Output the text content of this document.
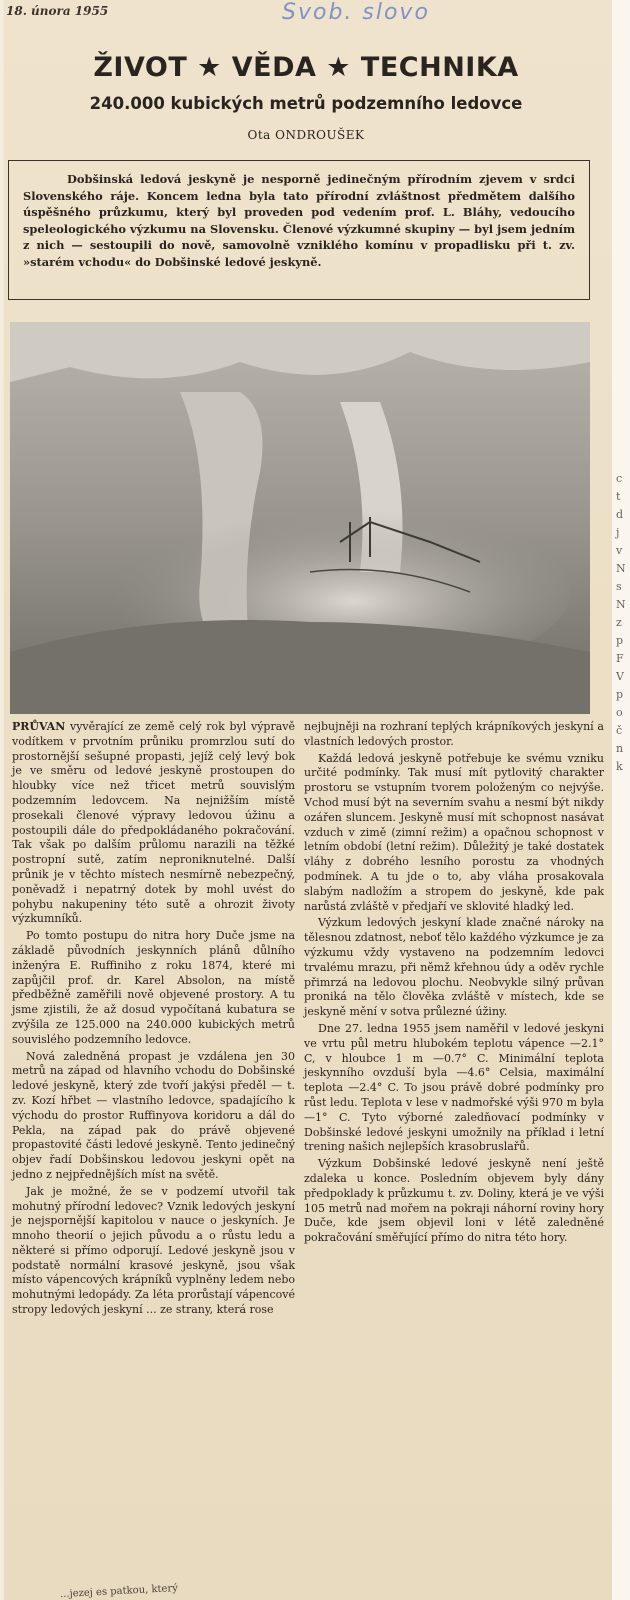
c
t
d
j
v
N
s
N
z
p
F
V
p
o
č
n
k
18. února 1955	Svob. slovo
ŽIVOT ★ VĚDA ★ TECHNIKA
240.000 kubických metrů podzemního ledovce
Ota ONDROUŠEK
Dobšinská ledová jeskyně je nesporně jedinečným přírodním zjevem v srdci Slovenského ráje. Koncem ledna byla tato přírodní zvláštnost předmětem dalšího úspěšného průzkumu, který byl proveden pod vedením prof. L. Bláhy, vedoucího speleologického výzkumu na Slovensku. Členové výzkumné skupiny — byl jsem jedním z nich — sestoupili do nově, samovolně vzniklého komínu v propadlisku při t. zv. »starém vchodu« do Dobšinské ledové jeskyně.

PRŮVAN vyvěrající ze země celý rok byl výpravě vodítkem v prvotním průniku promrzlou sutí do prostornější sešupné propasti, jejíž celý levý bok je ve směru od ledové jeskyně prostoupen do hloubky více než třicet metrů souvislým podzemním ledovcem. Na nejnižším místě prosekali členové výpravy ledovou úžinu a postoupili dále do předpokládaného pokračování. Tak však po dalším průlomu narazili na těžké postropní sutě, zatím neproniknutelné. Další průnik je v těchto místech nesmírně nebezpečný, poněvadž i nepatrný dotek by mohl uvést do pohybu nakupeniny této sutě a ohrozit životy výzkumníků.

Po tomto postupu do nitra hory Duče jsme na základě původních jeskynních plánů důlního inženýra E. Ruffiniho z roku 1874, které mi zapůjčil prof. dr. Karel Absolon, na místě předběžně zaměřili nově objevené prostory. A tu jsme zjistili, že až dosud vypočítaná kubatura se zvýšila ze 125.000 na 240.000 kubických metrů souvislého podzemního ledovce.

Nová zaledněná propast je vzdálena jen 30 metrů na západ od hlavního vchodu do Dobšinské ledové jeskyně, který zde tvoří jakýsi předěl — t. zv. Kozí hřbet — vlastního ledovce, spadajícího k východu do prostor Ruffinyova koridoru a dál do Pekla, na západ pak do právě objevené propastovité části ledové jeskyně. Tento jedinečný objev řadí Dobšinskou ledovou jeskyni opět na jedno z nejpřednějších míst na světě.

Jak je možné, že se v podzemí utvořil tak mohutný přírodní ledovec? Vznik ledových jeskyní je nejspornější kapitolou v nauce o jeskyních. Je mnoho theorií o jejich původu a o růstu ledu a některé si přímo odporují. Ledové jeskyně jsou v podstatě normální krasové jeskyně, jsou však místo vápencových krápníků vyplněny ledem nebo mohutnými ledopády. Za léta prorůstají vápencové stropy ledových jeskyní ... ze strany, která rose

nejbujněji na rozhraní teplých krápníkových jeskyní a vlastních ledových prostor.

Každá ledová jeskyně potřebuje ke svému vzniku určité podmínky. Tak musí mít pytlovitý charakter prostoru se vstupním tvorem položeným co nejvýše. Vchod musí být na severním svahu a nesmí být nikdy ozářen sluncem. Jeskyně musí mít schopnost nasávat vzduch v zimě (zimní režim) a opačnou schopnost v letním období (letní režim). Důležitý je také dostatek vláhy z dobrého lesního porostu za vhodných podmínek. A tu jde o to, aby vláha prosakovala slabým nadložím a stropem do jeskyně, kde pak narůstá zvláště v předjaří ve sklovité hladký led.

Výzkum ledových jeskyní klade značné nároky na tělesnou zdatnost, neboť tělo každého výzkumce je za výzkumu vždy vystaveno na podzemním ledovci trvalému mrazu, při němž křehnou údy a oděv rychle přimrzá na ledovou plochu. Neobvykle silný průvan proniká na tělo člověka zvláště v místech, kde se jeskyně mění v sotva průlezné úžiny.

Dne 27. ledna 1955 jsem naměřil v ledové jeskyni ve vrtu půl metru hlubokém teplotu vápence —2.1° C, v hloubce 1 m —0.7° C. Minimální teplota jeskynního ovzduší byla —4.6° Celsia, maximální teplota —2.4° C. To jsou právě dobré podmínky pro růst ledu. Teplota v lese v nadmořské výši 970 m byla —1° C. Tyto výborné zaledňovací podmínky v Dobšinské ledové jeskyni umožnily na příklad i letní trening našich nejlepších krasobruslařů.

Výzkum Dobšinské ledové jeskyně není ještě zdaleka u konce. Posledním objevem byly dány předpoklady k průzkumu t. zv. Doliny, která je ve výši 105 metrů nad mořem na pokraji náhorní roviny hory Duče, kde jsem objevil loni v létě zaledněné pokračování směřující přímo do nitra této hory.

...jezej es patkou, který
